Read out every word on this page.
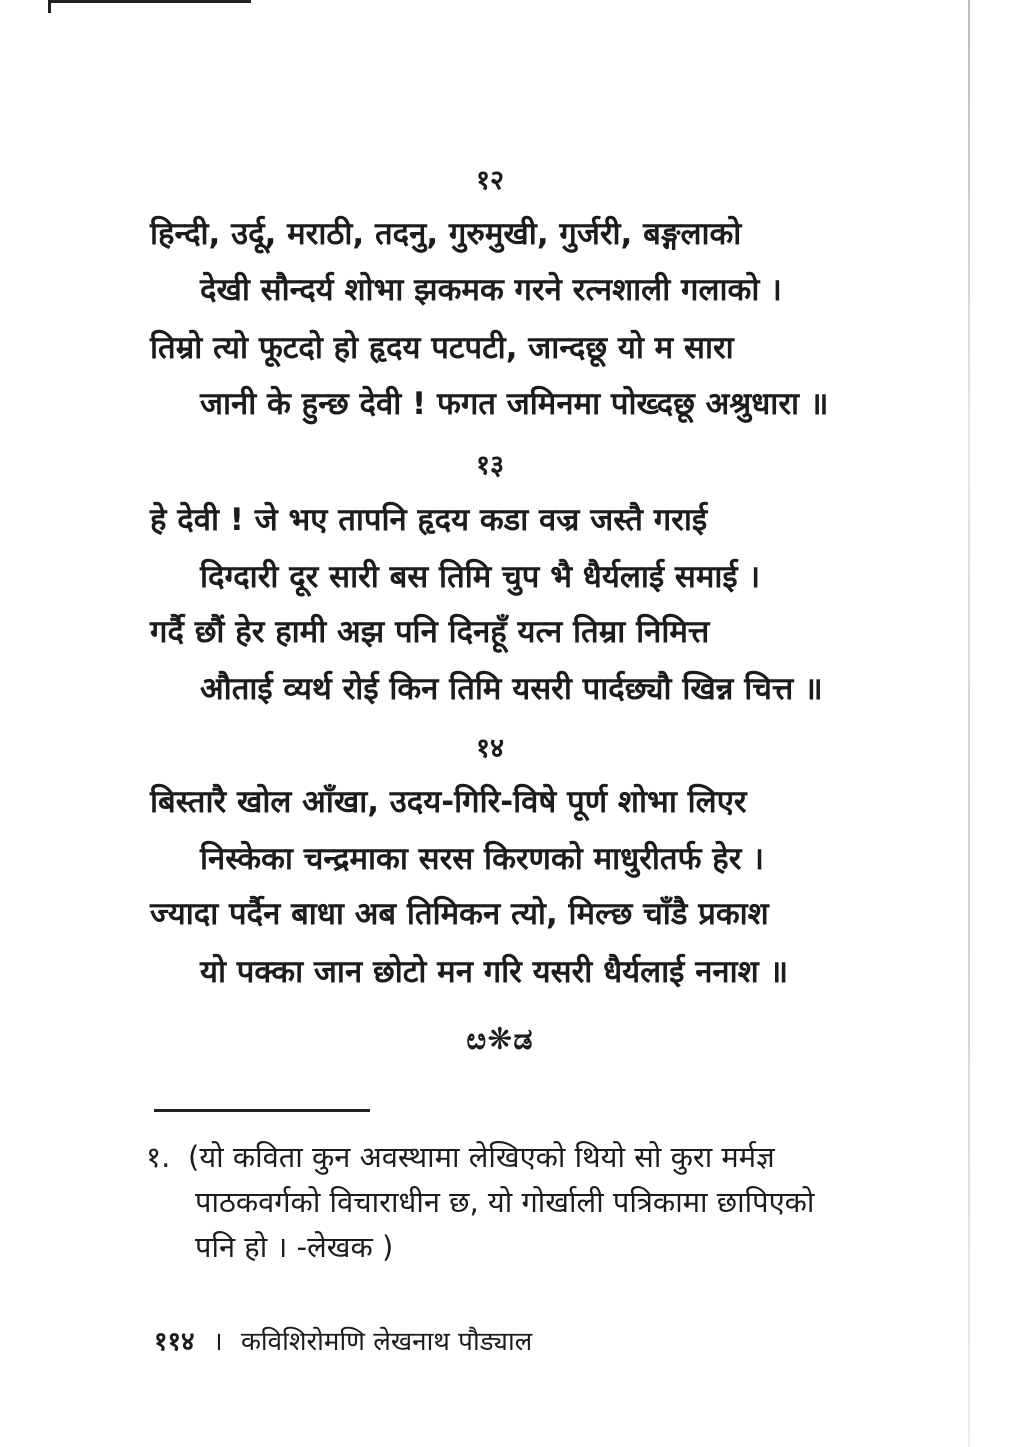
१२
हिन्दी, उर्दू, मराठी, तदनु, गुरुमुखी, गुर्जरी, बङ्गलाको
देखी सौन्दर्य शोभा झकमक गरने रत्नशाली गलाको ।
तिम्रो त्यो फूटदो हो हृदय पटपटी, जान्दछू यो म सारा
जानी के हुन्छ देवी ! फगत जमिनमा पोख्दछू अश्रुधारा ॥
१३
हे देवी ! जे भए तापनि हृदय कडा वज्र जस्तै गराई
दिग्दारी दूर सारी बस तिमि चुप भै धैर्यलाई समाई ।
गर्दै छौं हेर हामी अझ पनि दिनहूँ यत्न तिम्रा निमित्त
औताई व्यर्थ रोई किन तिमि यसरी पार्दछ्यौ खिन्न चित्त ॥
१४
बिस्तारै खोल आँखा, उदय-गिरि-विषे पूर्ण शोभा लिएर
निस्केका चन्द्रमाका सरस किरणको माधुरीतर्फ हेर ।
ज्यादा पर्दैन बाधा अब तिमिकन त्यो, मिल्छ चाँडै प्रकाश
यो पक्का जान छोटो मन गरि यसरी धैर्यलाई ननाश ॥
ೞ❋ಡ
१. (यो कविता कुन अवस्थामा लेखिएको थियो सो कुरा मर्मज्ञ
पाठकवर्गको विचाराधीन छ, यो गोर्खाली पत्रिकामा छापिएको
पनि हो । -लेखक )
११४ । कविशिरोमणि लेखनाथ पौड्याल
